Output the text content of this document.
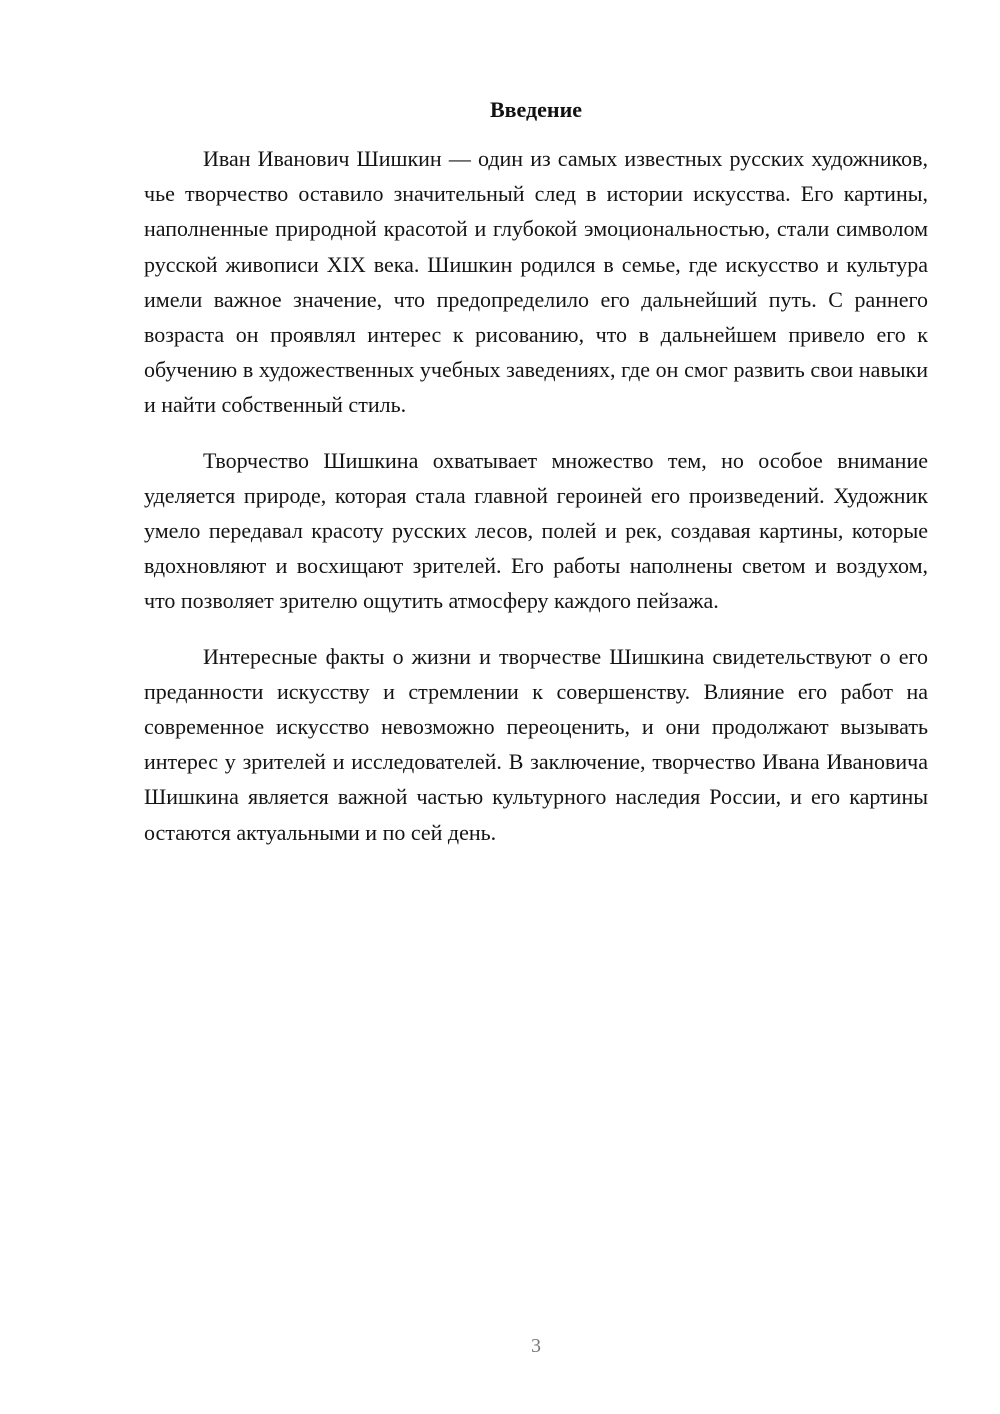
Введение

Иван Иванович Шишкин — один из самых известных русских художников, чье творчество оставило значительный след в истории искусства. Его картины, наполненные природной красотой и глубокой эмоциональностью, стали символом русской живописи XIX века. Шишкин родился в семье, где искусство и культура имели важное значение, что предопределило его дальнейший путь. С раннего возраста он проявлял интерес к рисованию, что в дальнейшем привело его к обучению в художественных учебных заведениях, где он смог развить свои навыки и найти собственный стиль.

Творчество Шишкина охватывает множество тем, но особое внимание уделяется природе, которая стала главной героиней его произведений. Художник умело передавал красоту русских лесов, полей и рек, создавая картины, которые вдохновляют и восхищают зрителей. Его работы наполнены светом и воздухом, что позволяет зрителю ощутить атмосферу каждого пейзажа.

Интересные факты о жизни и творчестве Шишкина свидетельствуют о его преданности искусству и стремлении к совершенству. Влияние его работ на современное искусство невозможно переоценить, и они продолжают вызывать интерес у зрителей и исследователей. В заключение, творчество Ивана Ивановича Шишкина является важной частью культурного наследия России, и его картины остаются актуальными и по сей день.

3
